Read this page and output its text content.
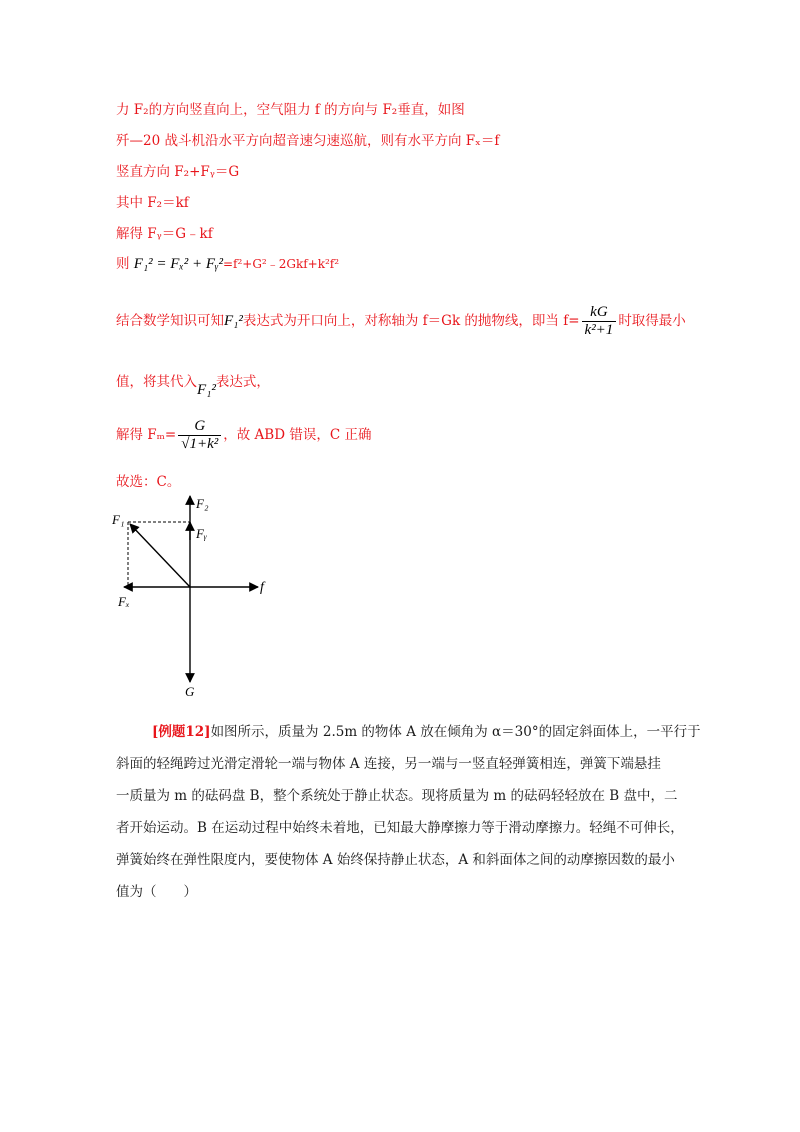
力 F₂的方向竖直向上，空气阻力 f 的方向与 F₂垂直，如图
歼—20 战斗机沿水平方向超音速匀速巡航，则有水平方向 Fₓ＝f
竖直方向 F₂+Fᵧ＝G
其中 F₂＝kf
解得 Fᵧ＝G﹣kf
则 F₁² = Fₓ² + Fᵧ²=f²+G²﹣2Gkf+k²f²
结合数学知识可知F₁²表达式为开口向上，对称轴为 f＝Gk 的抛物线，即当 $f= \frac{kG}{\text{k²+1}}$ 时取得最小
值，将其代入F₁²表达式，
解得 $F_m= \frac{G}{\text{√1+k²}}$ ，故 ABD 错误，C 正确
故选：C。
F₂
F₁
Fᵧ
f
Fₓ
G

[例题12]如图所示，质量为 2.5m 的物体 A 放在倾角为 α＝30°的固定斜面体上，一平行于

斜面的轻绳跨过光滑定滑轮一端与物体 A 连接，另一端与一竖直轻弹簧相连，弹簧下端悬挂

一质量为 m 的砝码盘 B，整个系统处于静止状态。现将质量为 m 的砝码轻轻放在 B 盘中，二

者开始运动。B 在运动过程中始终未着地，已知最大静摩擦力等于滑动摩擦力。轻绳不可伸长，

弹簧始终在弹性限度内，要使物体 A 始终保持静止状态，A 和斜面体之间的动摩擦因数的最小

值为（　　）
